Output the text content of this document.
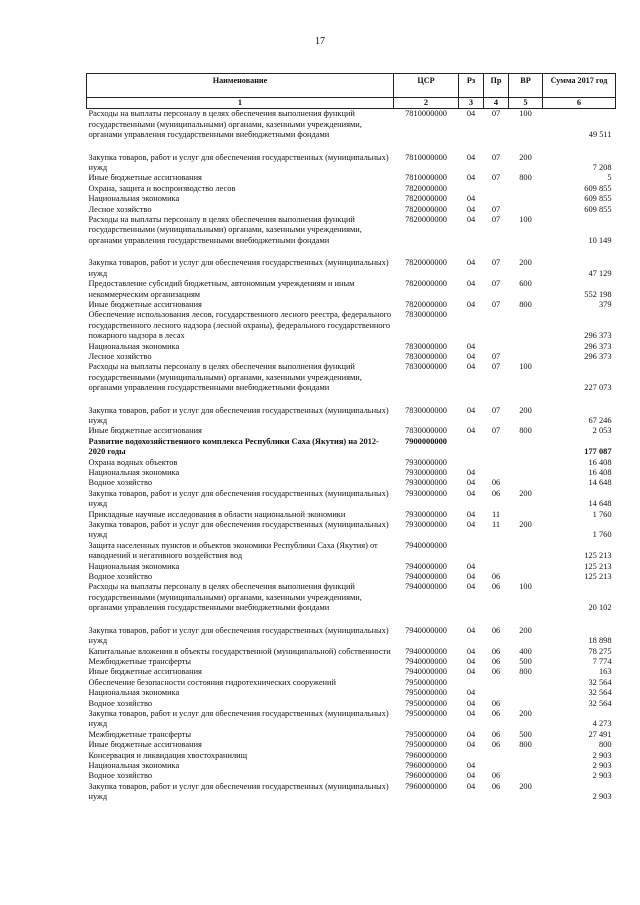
17
Наименование	ЦСР	Рз	Пр	ВР	Сумма 2017 год
1	2	3	4	5	6
Расходы на выплаты персоналу в целях обеспечения выполнения функций государственными (муниципальными) органами, казенными учреждениями, органами управления государственными внебюджетными фондами	7810000000	04	07	100	49 511

Закупка товаров, работ и услуг для обеспечения государственных (муниципальных) нужд	7810000000	04	07	200	7 208
Иные бюджетные ассигнования	7810000000	04	07	800	5
Охрана, защита и воспроизводство лесов	7820000000				609 855
Национальная экономика	7820000000	04			609 855
Лесное хозяйство	7820000000	04	07		609 855
Расходы на выплаты персоналу в целях обеспечения выполнения функций государственными (муниципальными) органами, казенными учреждениями, органами управления государственными внебюджетными фондами	7820000000	04	07	100	10 149

Закупка товаров, работ и услуг для обеспечения государственных (муниципальных) нужд	7820000000	04	07	200	47 129
Предоставление субсидий бюджетным, автономным учреждениям и иным некоммерческим организациям	7820000000	04	07	600	552 198
Иные бюджетные ассигнования	7820000000	04	07	800	379
Обеспечение использования лесов, государственного лесного реестра, федерального государственного лесного надзора (лесной охраны), федерального государственного пожарного надзора в лесах	7830000000				296 373
Национальная экономика	7830000000	04			296 373
Лесное хозяйство	7830000000	04	07		296 373
Расходы на выплаты персоналу в целях обеспечения выполнения функций государственными (муниципальными) органами, казенными учреждениями, органами управления государственными внебюджетными фондами	7830000000	04	07	100	227 073

Закупка товаров, работ и услуг для обеспечения государственных (муниципальных) нужд	7830000000	04	07	200	67 246
Иные бюджетные ассигнования	7830000000	04	07	800	2 053
Развитие водохозяйственного комплекса Республики Саха (Якутия) на 2012-2020 годы	7900000000				177 087
Охрана водных объектов	7930000000				16 408
Национальная экономика	7930000000	04			16 408
Водное хозяйство	7930000000	04	06		14 648
Закупка товаров, работ и услуг для обеспечения государственных (муниципальных) нужд	7930000000	04	06	200	14 648
Прикладные научные исследования в области национальной экономики	7930000000	04	11		1 760
Закупка товаров, работ и услуг для обеспечения государственных (муниципальных) нужд	7930000000	04	11	200	1 760
Защита населенных пунктов и объектов экономики Республики Саха (Якутия) от наводнений и негативного воздействия вод	7940000000				125 213
Национальная экономика	7940000000	04			125 213
Водное хозяйство	7940000000	04	06		125 213
Расходы на выплаты персоналу в целях обеспечения выполнения функций государственными (муниципальными) органами, казенными учреждениями, органами управления государственными внебюджетными фондами	7940000000	04	06	100	20 102

Закупка товаров, работ и услуг для обеспечения государственных (муниципальных) нужд	7940000000	04	06	200	18 898
Капитальные вложения в объекты государственной (муниципальной) собственности	7940000000	04	06	400	78 275
Межбюджетные трансферты	7940000000	04	06	500	7 774
Иные бюджетные ассигнования	7940000000	04	06	800	163
Обеспечение безопасности состояния гидротехнических сооружений	7950000000				32 564
Национальная экономика	7950000000	04			32 564
Водное хозяйство	7950000000	04	06		32 564
Закупка товаров, работ и услуг для обеспечения государственных (муниципальных) нужд	7950000000	04	06	200	4 273
Межбюджетные трансферты	7950000000	04	06	500	27 491
Иные бюджетные ассигнования	7950000000	04	06	800	800
Консервация и ликвидация хвостохранилищ	7960000000				2 903
Национальная экономика	7960000000	04			2 903
Водное хозяйство	7960000000	04	06		2 903
Закупка товаров, работ и услуг для обеспечения государственных (муниципальных) нужд	7960000000	04	06	200	2 903
